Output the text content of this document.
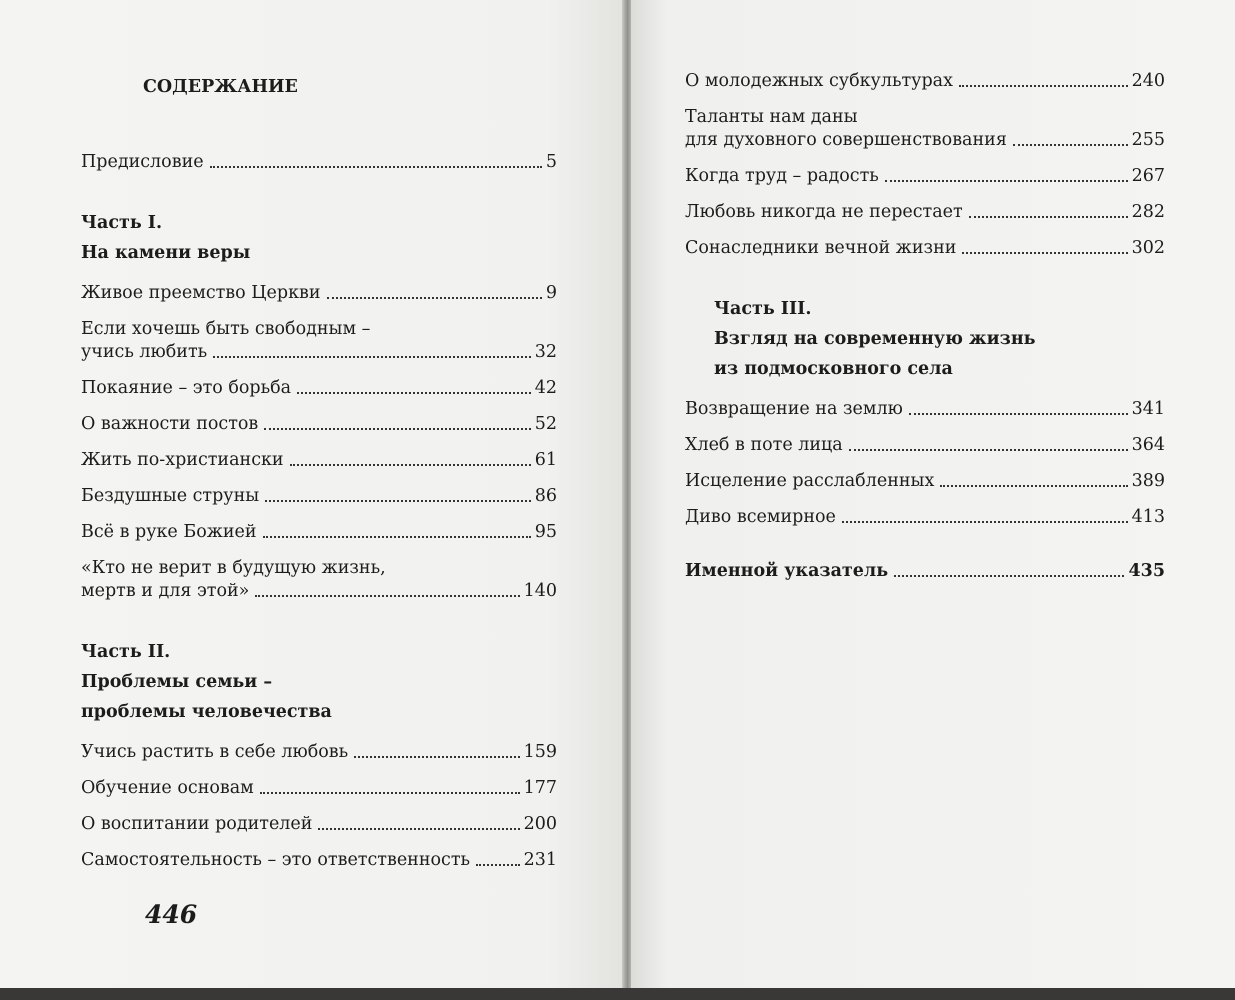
СОДЕРЖАНИЕ
Предисловие	5
Часть I.
На камени веры
Живое преемство Церкви	9
Если хочешь быть свободным –
учись любить	32
Покаяние – это борьба	42
О важности постов	52
Жить по-христиански	61
Бездушные струны	86
Всё в руке Божией	95
«Кто не верит в будущую жизнь,
мертв и для этой»	140
Часть II.
Проблемы семьи –
проблемы человечества
Учись растить в себе любовь	159
Обучение основам	177
О воспитании родителей	200
Самостоятельность – это ответственность	231
446
О молодежных субкультурах	240
Таланты нам даны
для духовного совершенствования	255
Когда труд – радость	267
Любовь никогда не перестает	282
Сонаследники вечной жизни	302
Часть III.
Взгляд на современную жизнь
из подмосковного села
Возвращение на землю	341
Хлеб в поте лица	364
Исцеление расслабленных	389
Диво всемирное	413
Именной указатель	435
